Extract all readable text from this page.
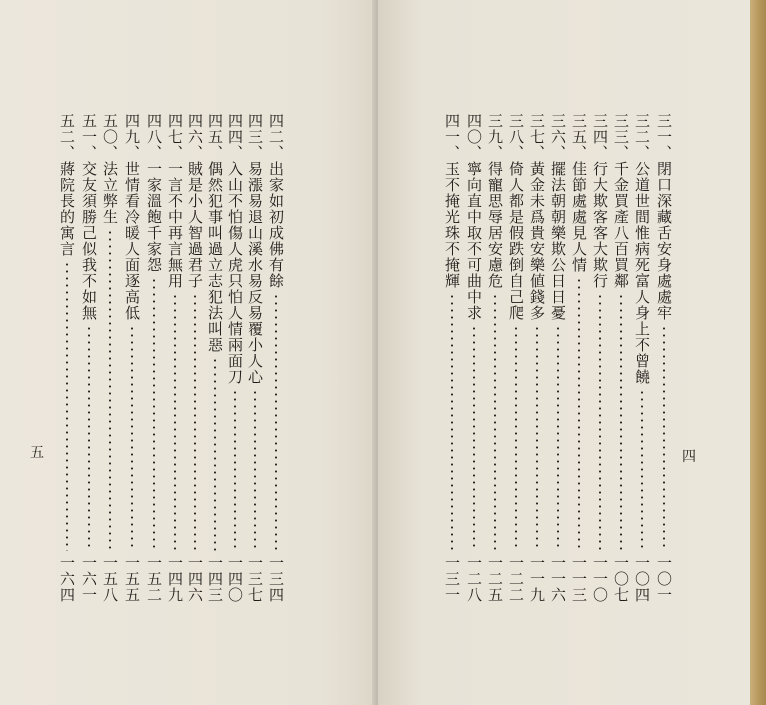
四二、
出家如初成佛有餘
一三四
四三、
易漲易退山溪水易反易覆小人心
一三七
四四、
入山不怕傷人虎只怕人情兩面刀
一四〇
四五、
偶然犯事叫過立志犯法叫惡
一四三
四六、
賊是小人智過君子
一四六
四七、
一言不中再言無用
一四九
四八、
一家溫飽千家怨
一五二
四九、
世情看冷暖人面逐高低
一五五
五〇、
法立弊生
一五八
五一、
交友須勝己似我不如無
一六一
五二、
蔣院長的寓言
一六四
五
三一、
閉口深藏舌安身處處牢
一〇一
三二、
公道世間惟病死富人身上不曾饒
一〇四
三三、
千金買產八百買鄰
一〇七
三四、
行大欺客客大欺行
一一〇
三五、
佳節處處見人情
一一三
三六、
擺法朝朝樂欺公日日憂
一一六
三七、
黃金未爲貴安樂値錢多
一一九
三八、
倚人都是假跌倒自己爬
一二二
三九、
得寵思辱居安慮危
一二五
四〇、
寧向直中取不可曲中求
一二八
四一、
玉不掩光珠不掩輝
一三一
四
